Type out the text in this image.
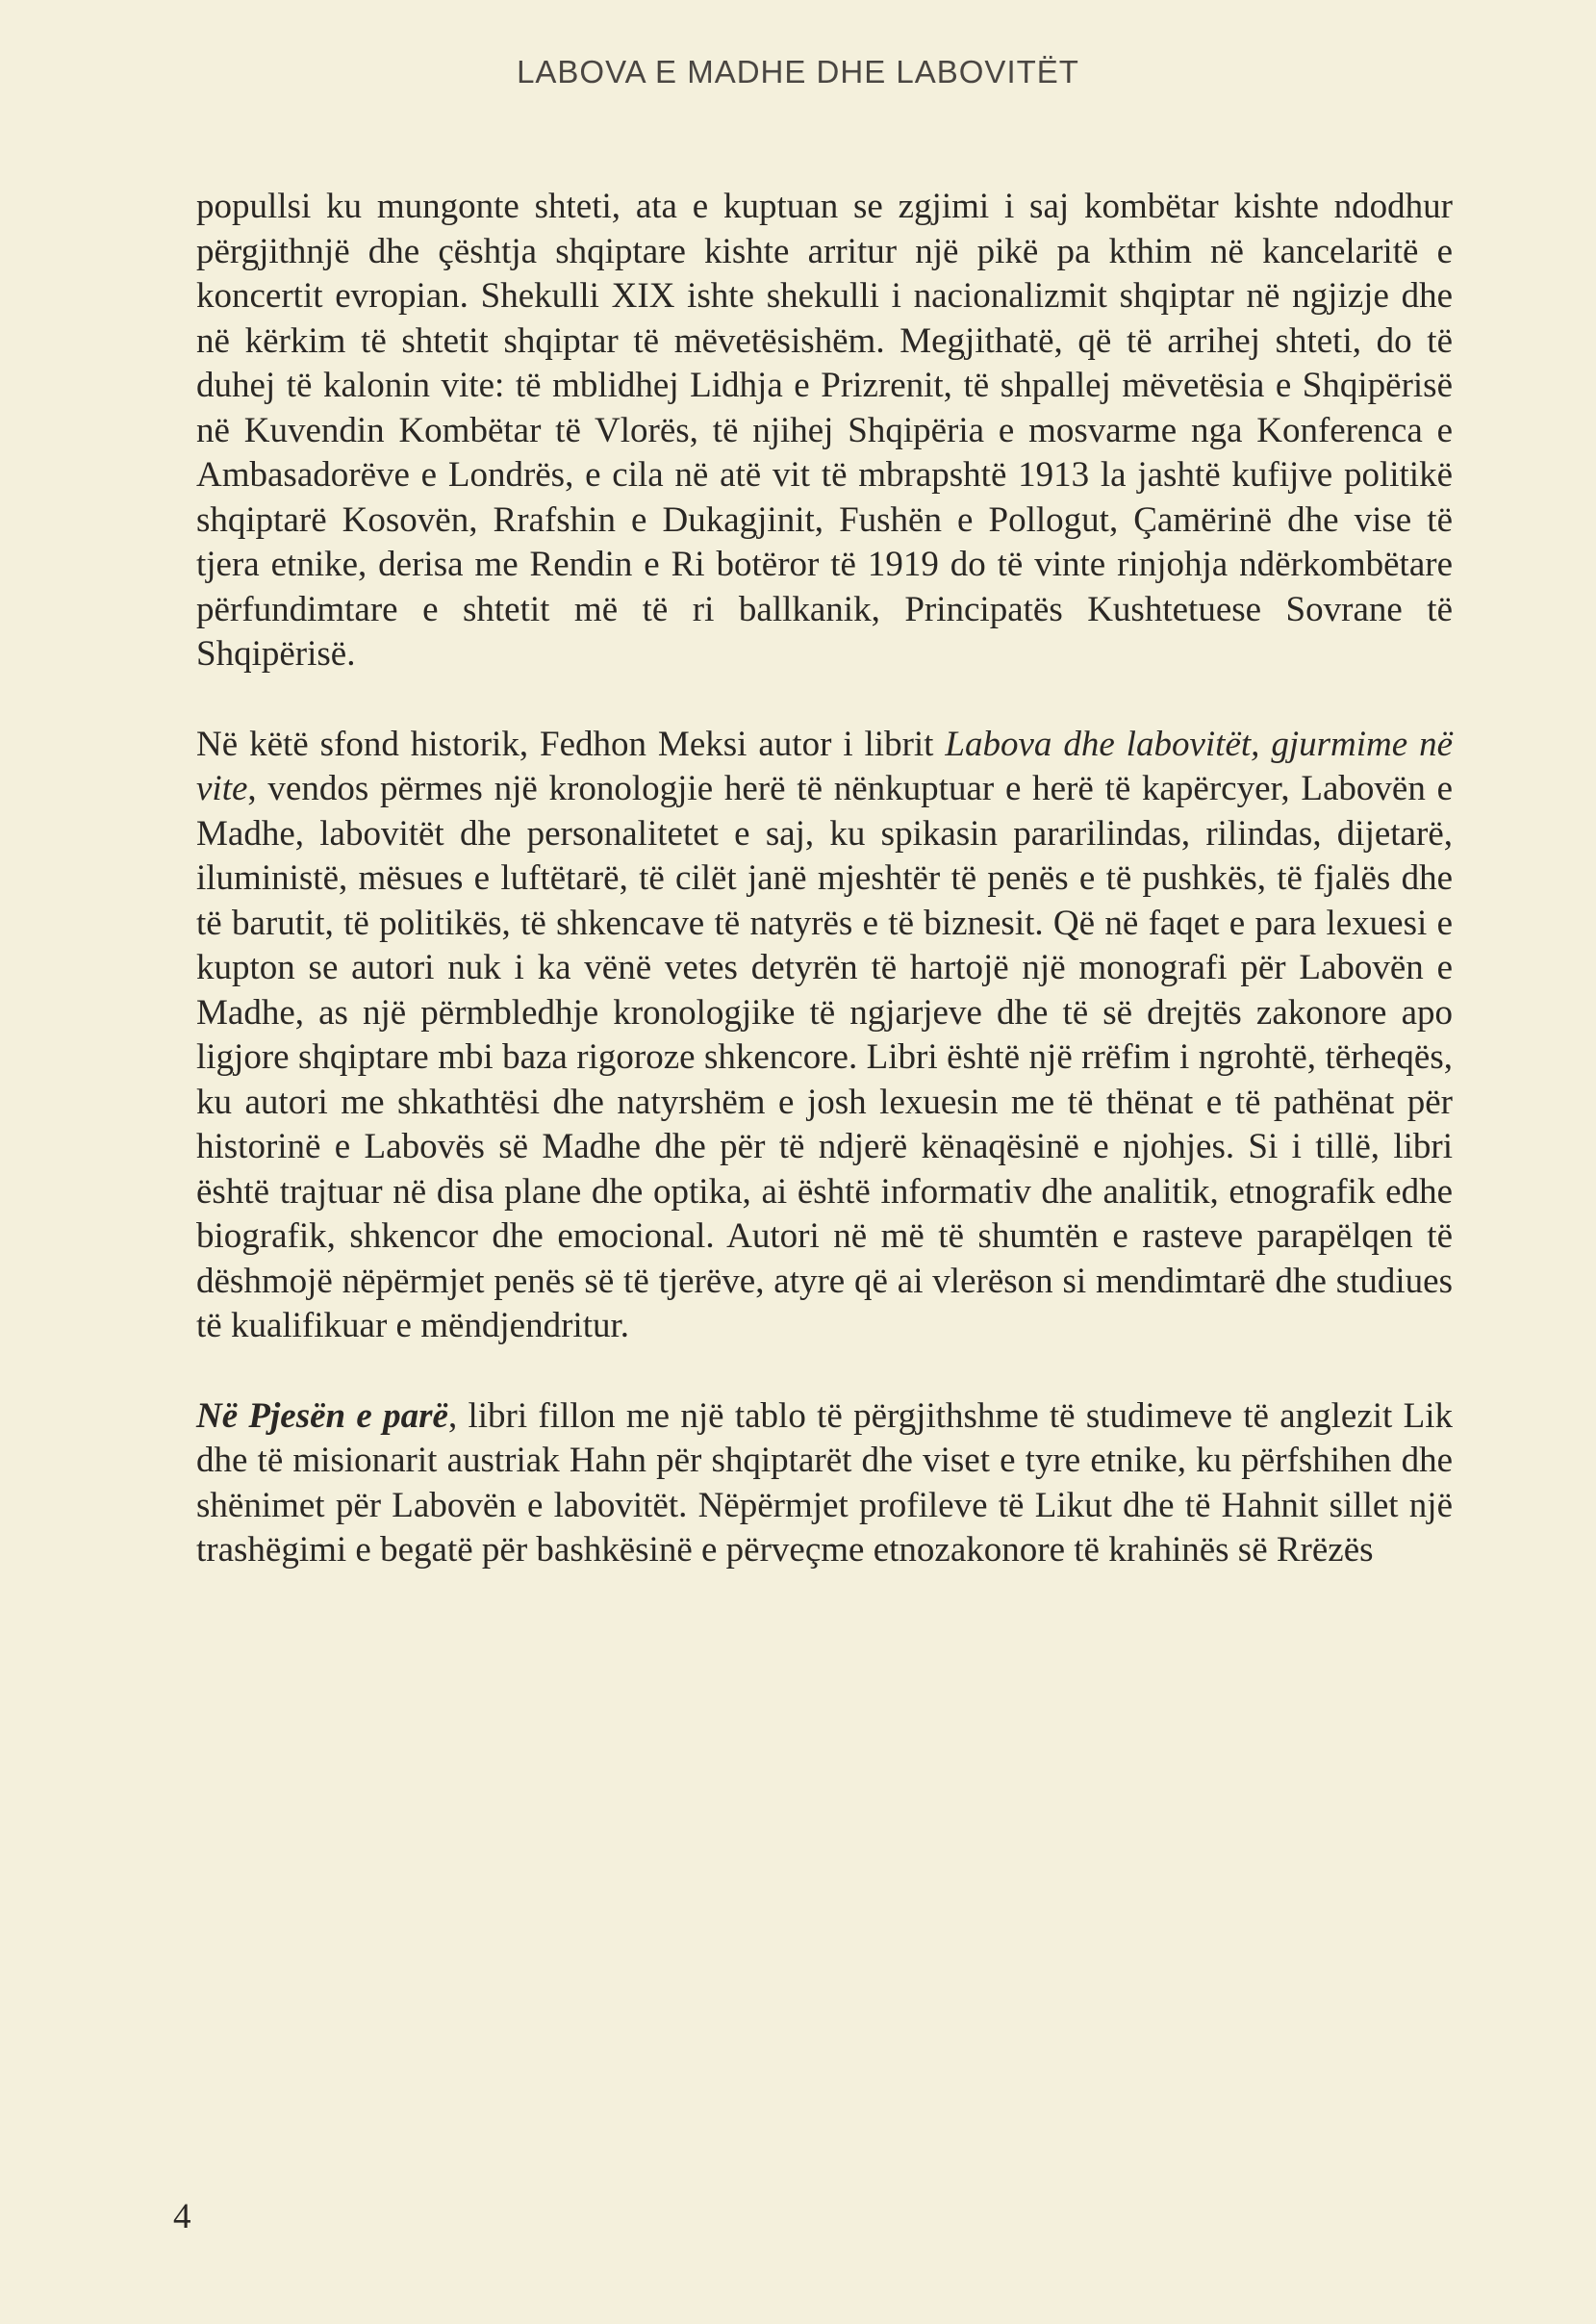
LABOVA E MADHE DHE LABOVITËT

popullsi ku mungonte shteti, ata e kuptuan se zgjimi i saj kombëtar kishte ndodhur përgjithnjë dhe çështja shqiptare kishte arritur një pikë pa kthim në kancelaritë e koncertit evropian. Shekulli XIX ishte shekulli i nacionalizmit shqiptar në ngjizje dhe në kërkim të shtetit shqiptar të mëvetësishëm. Megjithatë, që të arrihej shteti, do të duhej të kalonin vite: të mblidhej Lidhja e Prizrenit, të shpallej mëvetësia e Shqipërisë në Kuvendin Kombëtar të Vlorës, të njihej Shqipëria e mosvarme nga Konferenca e Ambasadorëve e Londrës, e cila në atë vit të mbrapshtë 1913 la jashtë kufijve politikë shqiptarë Kosovën, Rrafshin e Dukagjinit, Fushën e Pollogut, Çamërinë dhe vise të tjera etnike, derisa me Rendin e Ri botëror të 1919 do të vinte rinjohja ndërkombëtare përfundimtare e shtetit më të ri ballkanik, Principatës Kushtetuese Sovrane të Shqipërisë.

Në këtë sfond historik, Fedhon Meksi autor i librit Labova dhe labovitët, gjurmime në vite, vendos përmes një kronologjie herë të nënkuptuar e herë të kapërcyer, Labovën e Madhe, labovitët dhe personalitetet e saj, ku spikasin pararilindas, rilindas, dijetarë, iluministë, mësues e luftëtarë, të cilët janë mjeshtër të penës e të pushkës, të fjalës dhe të barutit, të politikës, të shkencave të natyrës e të biznesit. Që në faqet e para lexuesi e kupton se autori nuk i ka vënë vetes detyrën të hartojë një monografi për Labovën e Madhe, as një përmbledhje kronologjike të ngjarjeve dhe të së drejtës zakonore apo ligjore shqiptare mbi baza rigoroze shkencore. Libri është një rrëfim i ngrohtë, tërheqës, ku autori me shkathtësi dhe natyrshëm e josh lexuesin me të thënat e të pathënat për historinë e Labovës së Madhe dhe për të ndjerë kënaqësinë e njohjes. Si i tillë, libri është trajtuar në disa plane dhe optika, ai është informativ dhe analitik, etnografik edhe biografik, shkencor dhe emocional. Autori në më të shumtën e rasteve parapëlqen të dëshmojë nëpërmjet penës së të tjerëve, atyre që ai vlerëson si mendimtarë dhe studiues të kualifikuar e mëndjendritur.

Në Pjesën e parë, libri fillon me një tablo të përgjithshme të studimeve të anglezit Lik dhe të misionarit austriak Hahn për shqiptarët dhe viset e tyre etnike, ku përfshihen dhe shënimet për Labovën e labovitët. Nëpërmjet profileve të Likut dhe të Hahnit sillet një trashëgimi e begatë për bashkësinë e përveçme etnozakonore të krahinës së Rrëzës

4
